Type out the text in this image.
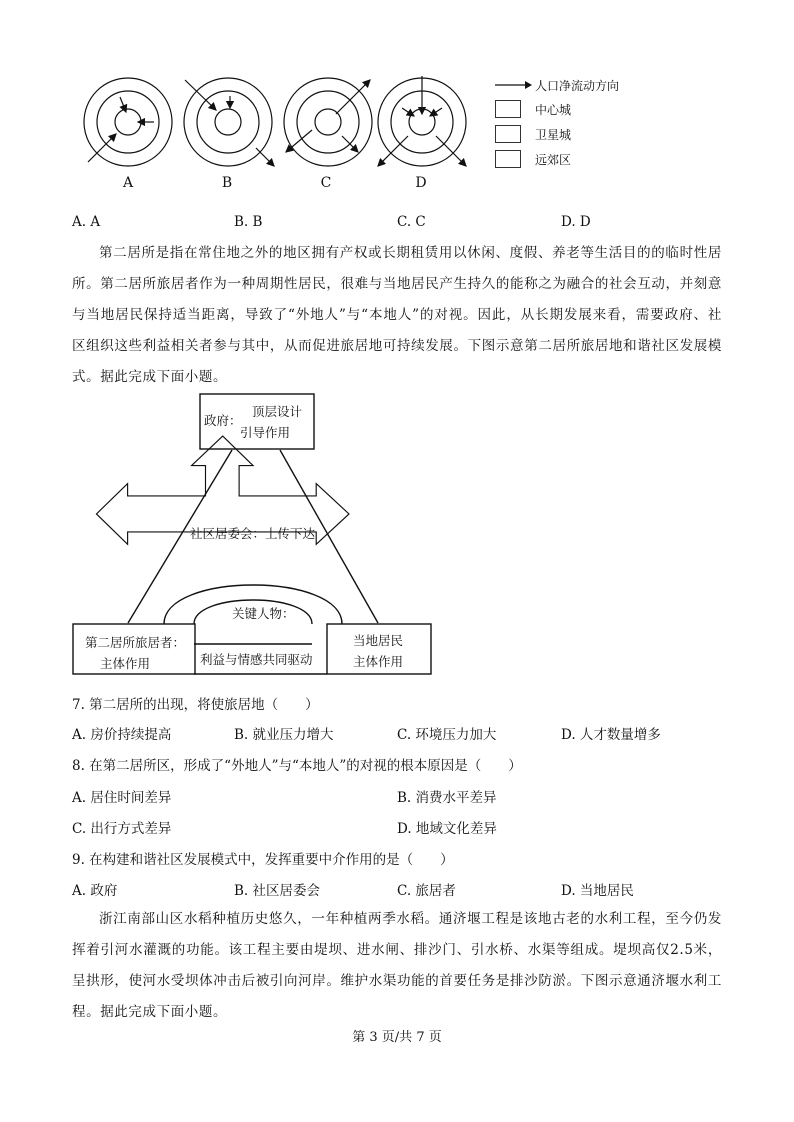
A	B	C	D
人口净流动方向
中心城
卫星城
远郊区
A. A	B. B	C. C	D. D

第二居所是指在常住地之外的地区拥有产权或长期租赁用以休闲、度假、养老等生活目的的临时性居所。第二居所旅居者作为一种周期性居民，很难与当地居民产生持久的能称之为融合的社会互动，并刻意与当地居民保持适当距离，导致了“外地人”与“本地人”的对视。因此，从长期发展来看，需要政府、社区组织这些利益相关者参与其中，从而促进旅居地可持续发展。下图示意第二居所旅居地和谐社区发展模式。据此完成下面小题。

政府：
顶层设计
引导作用
社区居委会：上传下达
关键人物：
利益与情感共同驱动
第二居所旅居者：
主体作用
当地居民
主体作用
7. 第二居所的出现，将使旅居地（　　）
A. 房价持续提高	B. 就业压力增大	C. 环境压力加大	D. 人才数量增多
8. 在第二居所区，形成了“外地人”与“本地人”的对视的根本原因是（　　）
A. 居住时间差异	B. 消费水平差异
C. 出行方式差异	D. 地域文化差异
9. 在构建和谐社区发展模式中，发挥重要中介作用的是（　　）
A. 政府	B. 社区居委会	C. 旅居者	D. 当地居民

浙江南部山区水稻种植历史悠久，一年种植两季水稻。通济堰工程是该地古老的水利工程，至今仍发挥着引河水灌溉的功能。该工程主要由堤坝、进水闸、排沙门、引水桥、水渠等组成。堤坝高仅2.5米，呈拱形，使河水受坝体冲击后被引向河岸。维护水渠功能的首要任务是排沙防淤。下图示意通济堰水利工程。据此完成下面小题。

第 3 页/共 7 页
